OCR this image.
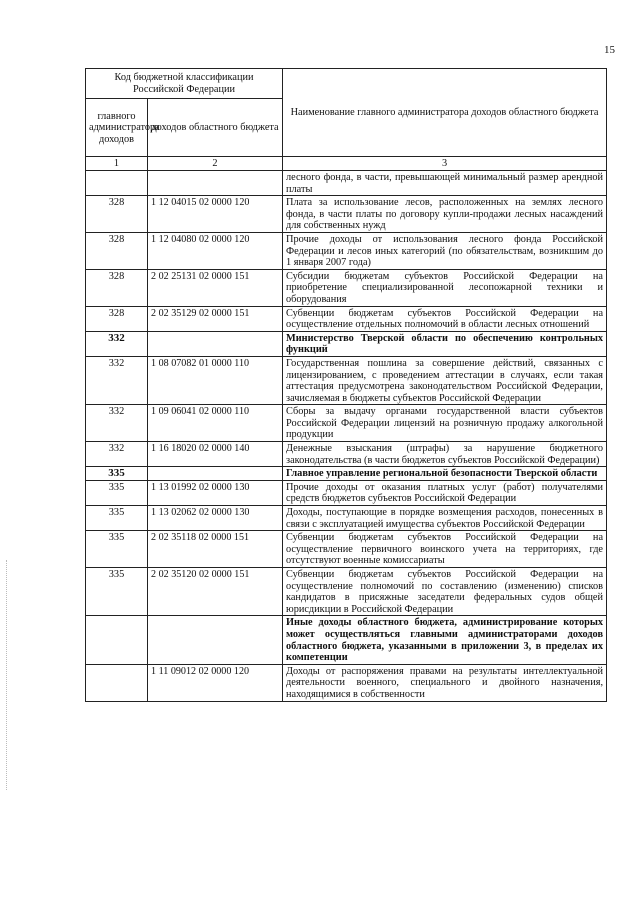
15
Код бюджетной классификации Российской Федерации		Наименование главного администратора доходов областного бюджета
главного администратора доходов	доходов областного бюджета	
1	2	3
		лесного фонда, в части, превышающей минимальный размер арендной платы
328	1 12 04015 02 0000 120	Плата за использование лесов, расположенных на землях лесного фонда, в части платы по договору купли-продажи лесных насаждений для собственных нужд
328	1 12 04080 02 0000 120	Прочие доходы от использования лесного фонда Российской Федерации и лесов иных категорий (по обязательствам, возникшим до 1 января 2007 года)
328	2 02 25131 02 0000 151	Субсидии бюджетам субъектов Российской Федерации на приобретение специализированной лесопожарной техники и оборудования
328	2 02 35129 02 0000 151	Субвенции бюджетам субъектов Российской Федерации на осуществление отдельных полномочий в области лесных отношений
332		Министерство Тверской области по обеспечению контрольных функций
332	1 08 07082 01 0000 110	Государственная пошлина за совершение действий, связанных с лицензированием, с проведением аттестации в случаях, если такая аттестация предусмотрена законодательством Российской Федерации, зачисляемая в бюджеты субъектов Российской Федерации
332	1 09 06041 02 0000 110	Сборы за выдачу органами государственной власти субъектов Российской Федерации лицензий на розничную продажу алкогольной продукции
332	1 16 18020 02 0000 140	Денежные взыскания (штрафы) за нарушение бюджетного законодательства (в части бюджетов субъектов Российской Федерации)
335		Главное управление региональной безопасности Тверской области
335	1 13 01992 02 0000 130	Прочие доходы от оказания платных услуг (работ) получателями средств бюджетов субъектов Российской Федерации
335	1 13 02062 02 0000 130	Доходы, поступающие в порядке возмещения расходов, понесенных в связи с эксплуатацией имущества субъектов Российской Федерации
335	2 02 35118 02 0000 151	Субвенции бюджетам субъектов Российской Федерации на осуществление первичного воинского учета на территориях, где отсутствуют военные комиссариаты
335	2 02 35120 02 0000 151	Субвенции бюджетам субъектов Российской Федерации на осуществление полномочий по составлению (изменению) списков кандидатов в присяжные заседатели федеральных судов общей юрисдикции в Российской Федерации
		Иные доходы областного бюджета, администрирование которых может осуществляться главными администраторами доходов областного бюджета, указанными в приложении 3, в пределах их компетенции
	1 11 09012 02 0000 120	Доходы от распоряжения правами на результаты интеллектуальной деятельности военного, специального и двойного назначения, находящимися в собственности
